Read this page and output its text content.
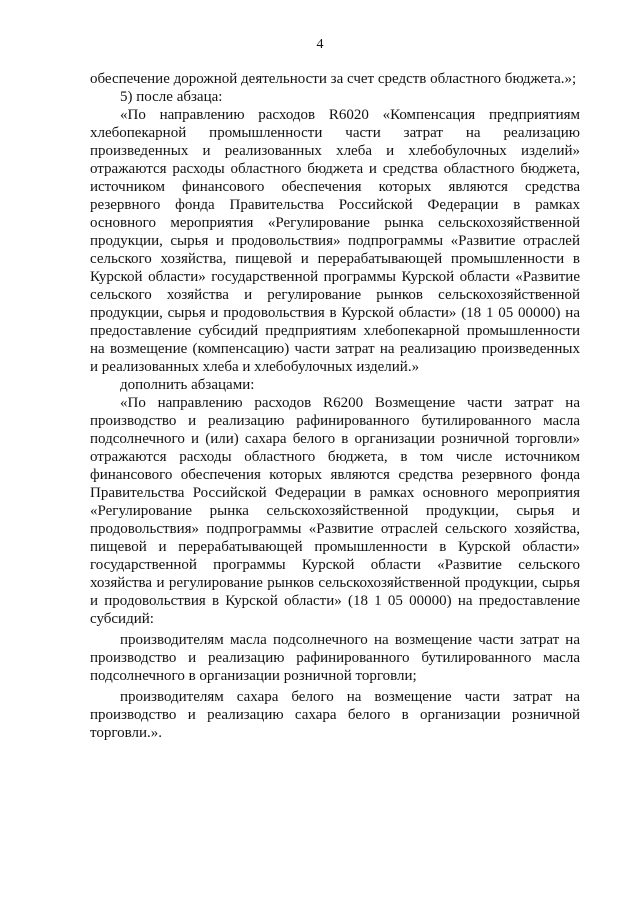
4

обеспечение дорожной деятельности за счет средств областного бюджета.»;

5) после абзаца:

«По направлению расходов R6020 «Компенсация предприятиям хлебопекарной промышленности части затрат на реализацию произведенных и реализованных хлеба и хлебобулочных изделий» отражаются расходы областного бюджета и средства областного бюджета, источником финансового обеспечения которых являются средства резервного фонда Правительства Российской Федерации в рамках основного мероприятия «Регулирование рынка сельскохозяйственной продукции, сырья и продовольствия» подпрограммы «Развитие отраслей сельского хозяйства, пищевой и перерабатывающей промышленности в Курской области» государственной программы Курской области «Развитие сельского хозяйства и регулирование рынков сельскохозяйственной продукции, сырья и продовольствия в Курской области» (18 1 05 00000) на предоставление субсидий предприятиям хлебопекарной промышленности на возмещение (компенсацию) части затрат на реализацию произведенных и реализованных хлеба и хлебобулочных изделий.»

дополнить абзацами:

«По направлению расходов R6200 Возмещение части затрат на производство и реализацию рафинированного бутилированного масла подсолнечного и (или) сахара белого в организации розничной торговли» отражаются расходы областного бюджета, в том числе источником финансового обеспечения которых являются средства резервного фонда Правительства Российской Федерации в рамках основного мероприятия «Регулирование рынка сельскохозяйственной продукции, сырья и продовольствия» подпрограммы «Развитие отраслей сельского хозяйства, пищевой и перерабатывающей промышленности в Курской области» государственной программы Курской области «Развитие сельского хозяйства и регулирование рынков сельскохозяйственной продукции, сырья и продовольствия в Курской области» (18 1 05 00000) на предоставление субсидий:

производителям масла подсолнечного на возмещение части затрат на производство и реализацию рафинированного бутилированного масла подсолнечного в организации розничной торговли;

производителям сахара белого на возмещение части затрат на производство и реализацию сахара белого в организации розничной торговли.».
